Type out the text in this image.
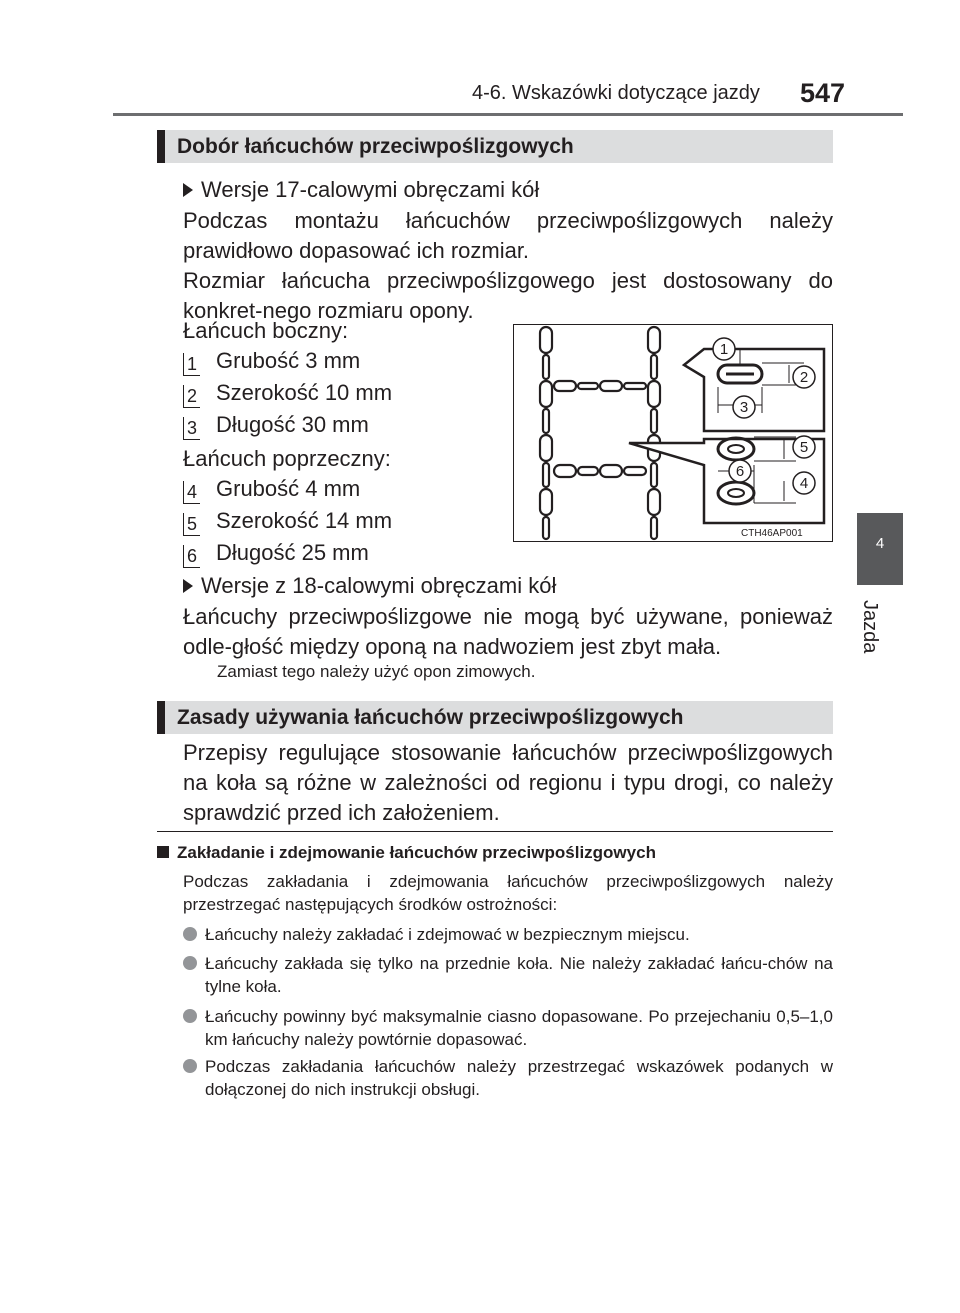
4-6. Wskazówki dotyczące jazdy 547
4
Jazda
Dobór łańcuchów przeciwpoślizgowych
Wersje 17-calowymi obręczami kół
Podczas montażu łańcuchów przeciwpoślizgowych należy prawidłowo dopasować ich rozmiar.
Rozmiar łańcucha przeciwpoślizgowego jest dostosowany do konkret-nego rozmiaru opony.
Łańcuch boczny:
1 Grubość 3 mm
2 Szerokość 10 mm
3 Długość 30 mm
Łańcuch poprzeczny:
4 Grubość 4 mm
5 Szerokość 14 mm
6 Długość 25 mm
Wersje z 18-calowymi obręczami kół
Łańcuchy przeciwpoślizgowe nie mogą być używane, ponieważ odle-głość między oponą na nadwoziem jest zbyt mała.
Zamiast tego należy użyć opon zimowych.
1
2
3
4
5
6
CTH46AP001
Zasady używania łańcuchów przeciwpoślizgowych
Przepisy regulujące stosowanie łańcuchów przeciwpoślizgowych na koła są różne w zależności od regionu i typu drogi, co należy sprawdzić przed ich założeniem.
Zakładanie i zdejmowanie łańcuchów przeciwpoślizgowych
Podczas zakładania i zdejmowania łańcuchów przeciwpoślizgowych należy przestrzegać następujących środków ostrożności:
Łańcuchy należy zakładać i zdejmować w bezpiecznym miejscu.
Łańcuchy zakłada się tylko na przednie koła. Nie należy zakładać łańcu-chów na tylne koła.
Łańcuchy powinny być maksymalnie ciasno dopasowane. Po przejechaniu 0,5–1,0 km łańcuchy należy powtórnie dopasować.
Podczas zakładania łańcuchów należy przestrzegać wskazówek podanych w dołączonej do nich instrukcji obsługi.
